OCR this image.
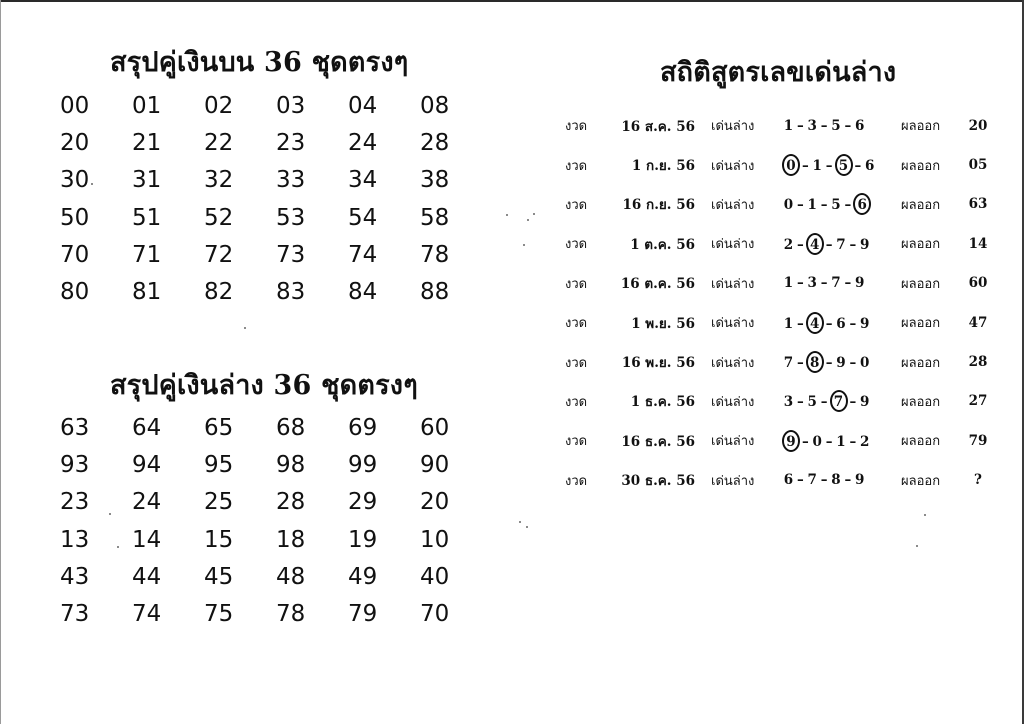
สรุปคู่เงินบน 36 ชุดตรงๆ
00	01	02	03	04	08
20	21	22	23	24	28
30	31	32	33	34	38
50	51	52	53	54	58
70	71	72	73	74	78
80	81	82	83	84	88
สรุปคู่เงินล่าง 36 ชุดตรงๆ
63	64	65	68	69	60
93	94	95	98	99	90
23	24	25	28	29	20
13	14	15	18	19	10
43	44	45	48	49	40
73	74	75	78	79	70
สถิติสูตรเลขเด่นล่าง
งวด	16 ส.ค. 56	เด่นล่าง	1 – 3 – 5 – 6	ผลออก	20
งวด	1 ก.ย. 56	เด่นล่าง	0 – 1 – 5 – 6	ผลออก	05
งวด	16 ก.ย. 56	เด่นล่าง	0 – 1 – 5 – 6	ผลออก	63
งวด	1 ต.ค. 56	เด่นล่าง	2 – 4 – 7 – 9	ผลออก	14
งวด	16 ต.ค. 56	เด่นล่าง	1 – 3 – 7 – 9	ผลออก	60
งวด	1 พ.ย. 56	เด่นล่าง	1 – 4 – 6 – 9	ผลออก	47
งวด	16 พ.ย. 56	เด่นล่าง	7 – 8 – 9 – 0	ผลออก	28
งวด	1 ธ.ค. 56	เด่นล่าง	3 – 5 – 7 – 9	ผลออก	27
งวด	16 ธ.ค. 56	เด่นล่าง	9 – 0 – 1 – 2	ผลออก	79
งวด	30 ธ.ค. 56	เด่นล่าง	6 – 7 – 8 – 9	ผลออก	?
